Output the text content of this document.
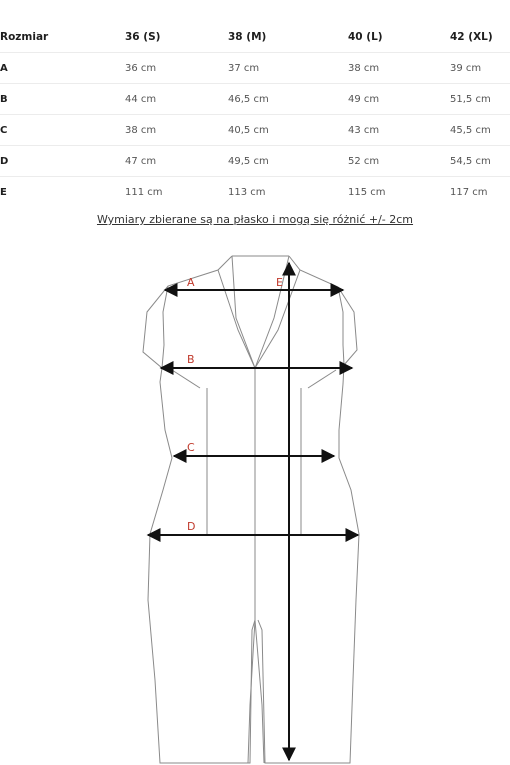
Rozmiar	36 (S)	38 (M)	40 (L)	42 (XL)
A	36 cm	37 cm	38 cm	39 cm
B	44 cm	46,5 cm	49 cm	51,5 cm
C	38 cm	40,5 cm	43 cm	45,5 cm
D	47 cm	49,5 cm	52 cm	54,5 cm
E	111 cm	113 cm	115 cm	117 cm
Wymiary zbierane są na płasko i mogą się różnić +/- 2cm
A	E
B
C
D
